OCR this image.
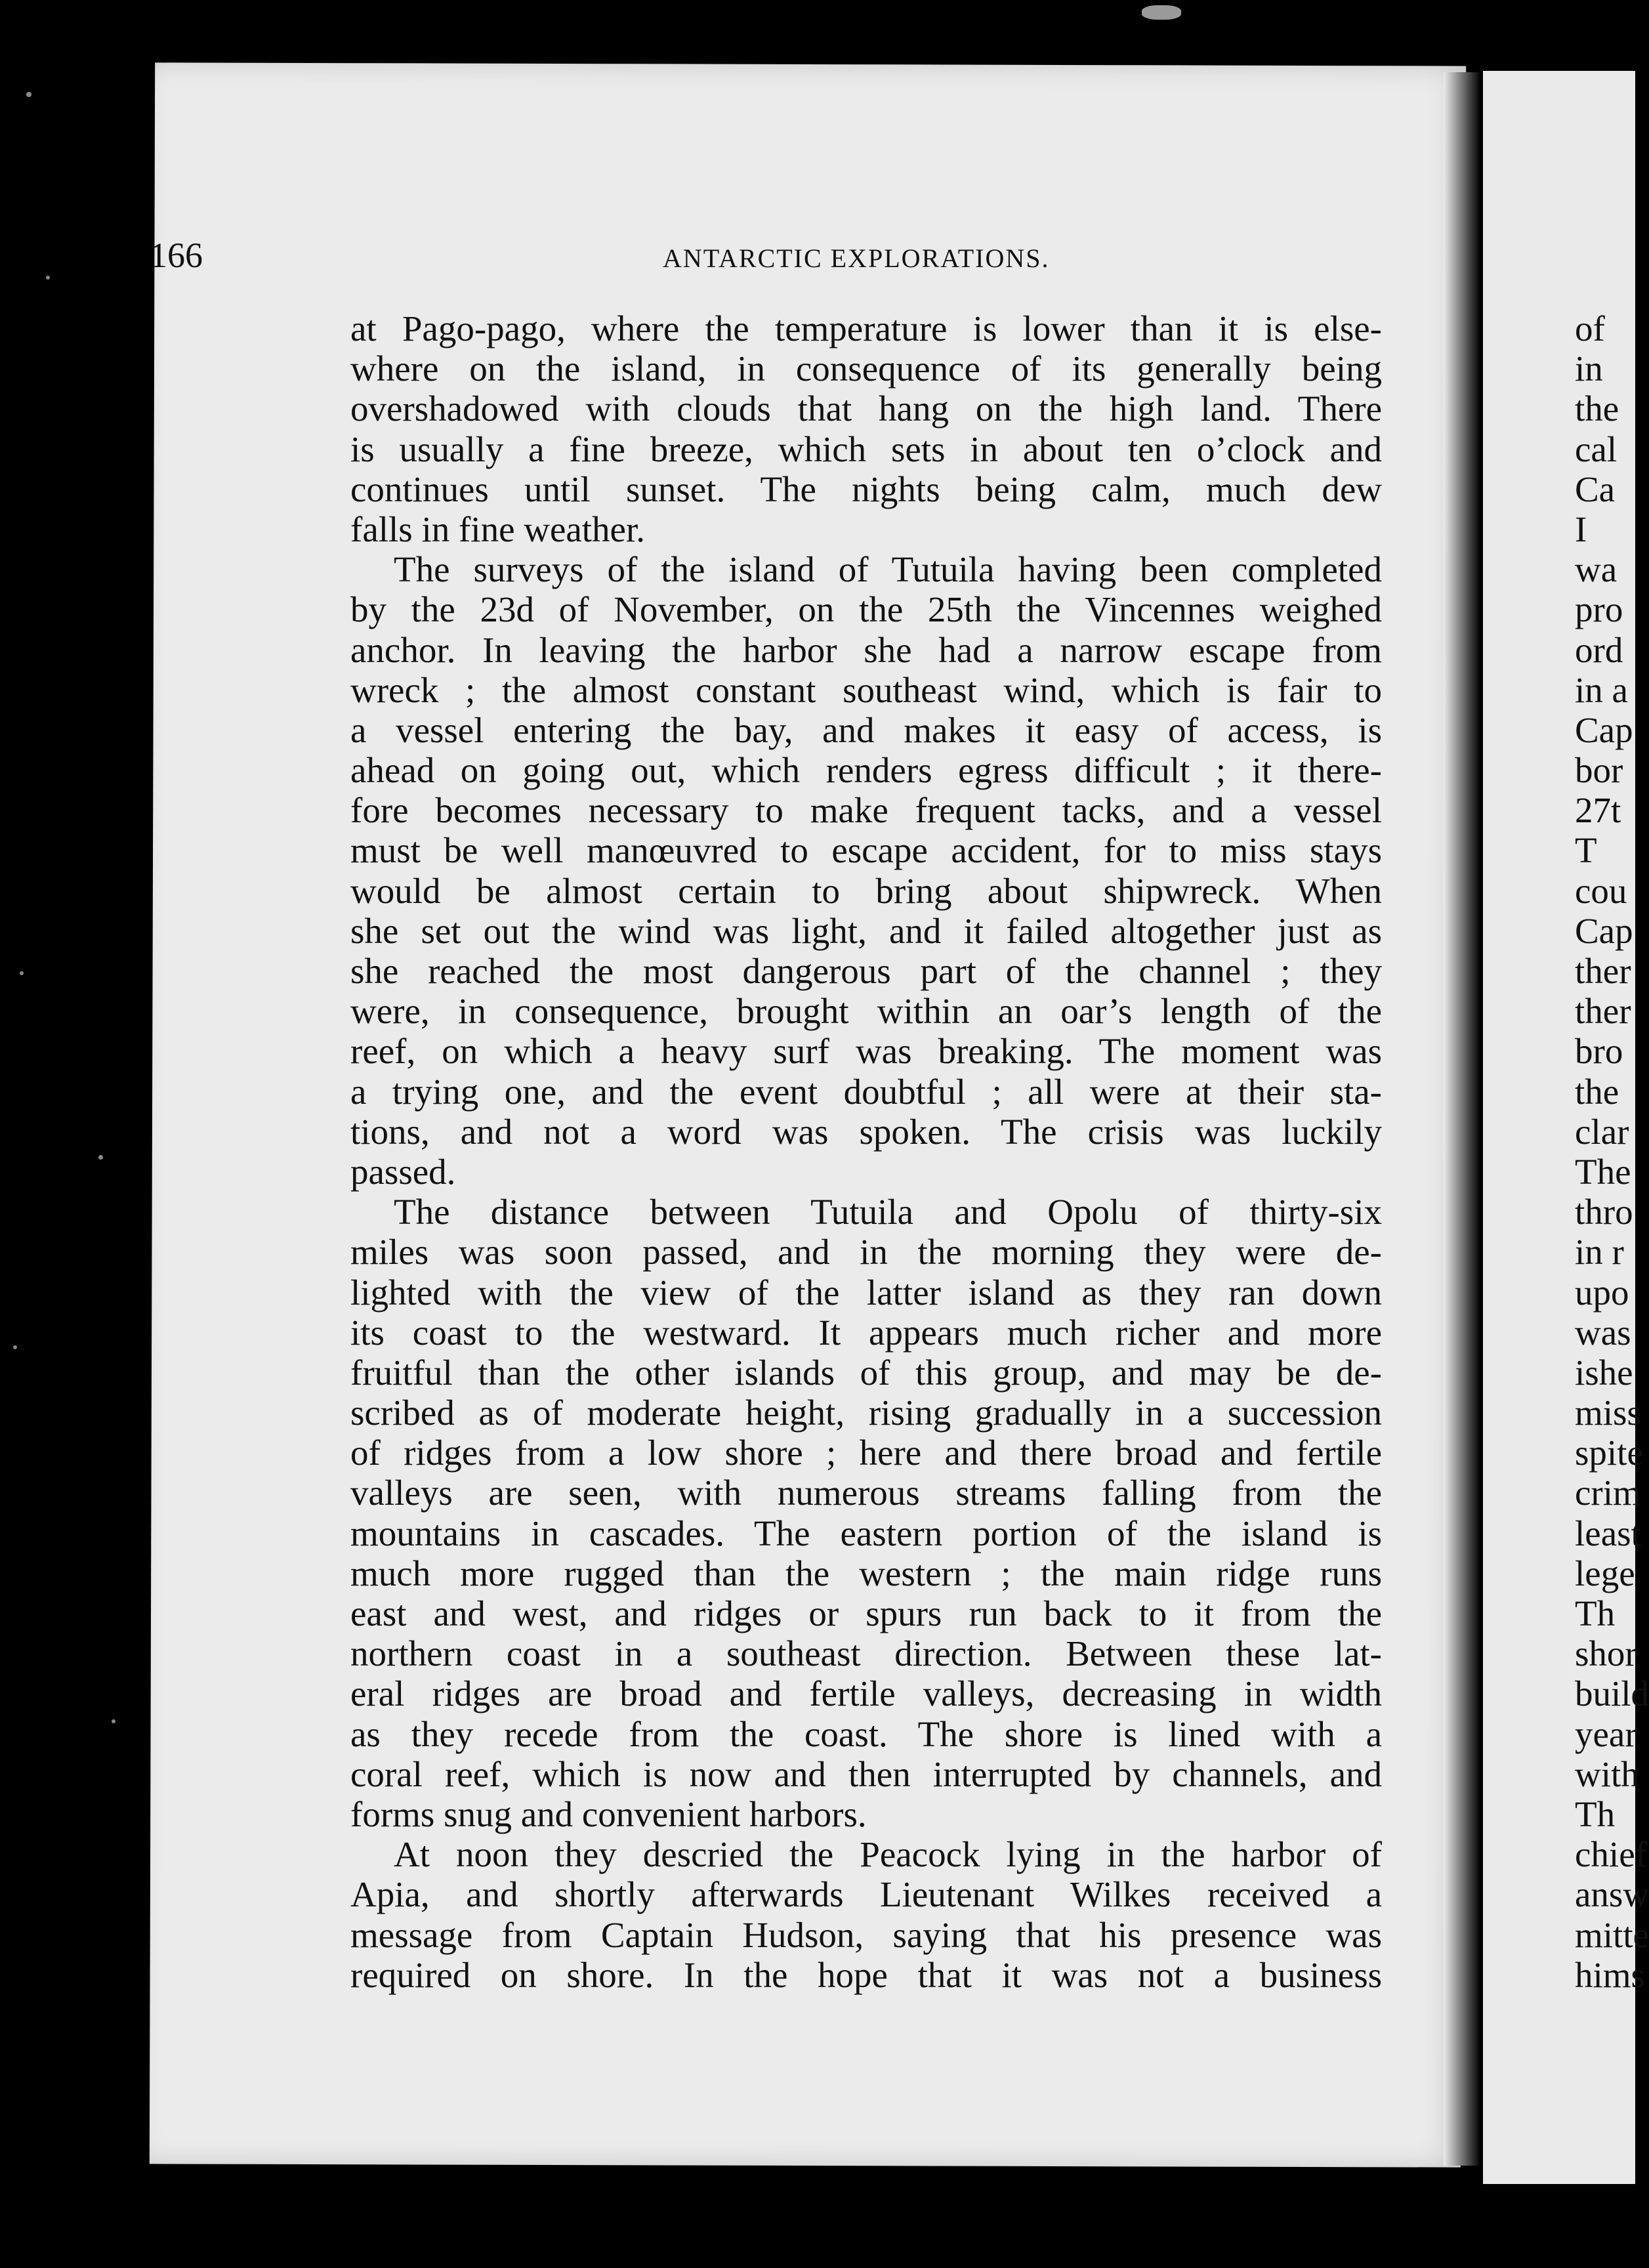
166	ANTARCTIC EXPLORATIONS.
at Pago-pago, where the temperature is lower than it is else-
where on the island, in consequence of its generally being
overshadowed with clouds that hang on the high land. There
is usually a fine breeze, which sets in about ten o’clock and
continues until sunset. The nights being calm, much dew
falls in fine weather.
The surveys of the island of Tutuila having been completed
by the 23d of November, on the 25th the Vincennes weighed
anchor. In leaving the harbor she had a narrow escape from
wreck ; the almost constant southeast wind, which is fair to
a vessel entering the bay, and makes it easy of access, is
ahead on going out, which renders egress difficult ; it there-
fore becomes necessary to make frequent tacks, and a vessel
must be well manœuvred to escape accident, for to miss stays
would be almost certain to bring about shipwreck. When
she set out the wind was light, and it failed altogether just as
she reached the most dangerous part of the channel ; they
were, in consequence, brought within an oar’s length of the
reef, on which a heavy surf was breaking. The moment was
a trying one, and the event doubtful ; all were at their sta-
tions, and not a word was spoken. The crisis was luckily
passed.
The distance between Tutuila and Opolu of thirty-six
miles was soon passed, and in the morning they were de-
lighted with the view of the latter island as they ran down
its coast to the westward. It appears much richer and more
fruitful than the other islands of this group, and may be de-
scribed as of moderate height, rising gradually in a succession
of ridges from a low shore ; here and there broad and fertile
valleys are seen, with numerous streams falling from the
mountains in cascades. The eastern portion of the island is
much more rugged than the western ; the main ridge runs
east and west, and ridges or spurs run back to it from the
northern coast in a southeast direction. Between these lat-
eral ridges are broad and fertile valleys, decreasing in width
as they recede from the coast. The shore is lined with a
coral reef, which is now and then interrupted by channels, and
forms snug and convenient harbors.
At noon they descried the Peacock lying in the harbor of
Apia, and shortly afterwards Lieutenant Wilkes received a
message from Captain Hudson, saying that his presence was
required on shore. In the hope that it was not a business
of
in
the
cal
Ca
I
wa
pro
ord
in a
Cap
bor
27t
T
cou
Cap
ther
ther
bro
the
clar
The
thro
in r
upo
was
ishe
miss
spite
crim
least
lege
Th
shor
build
year
with
Th
chief
answ
mitte
hims
